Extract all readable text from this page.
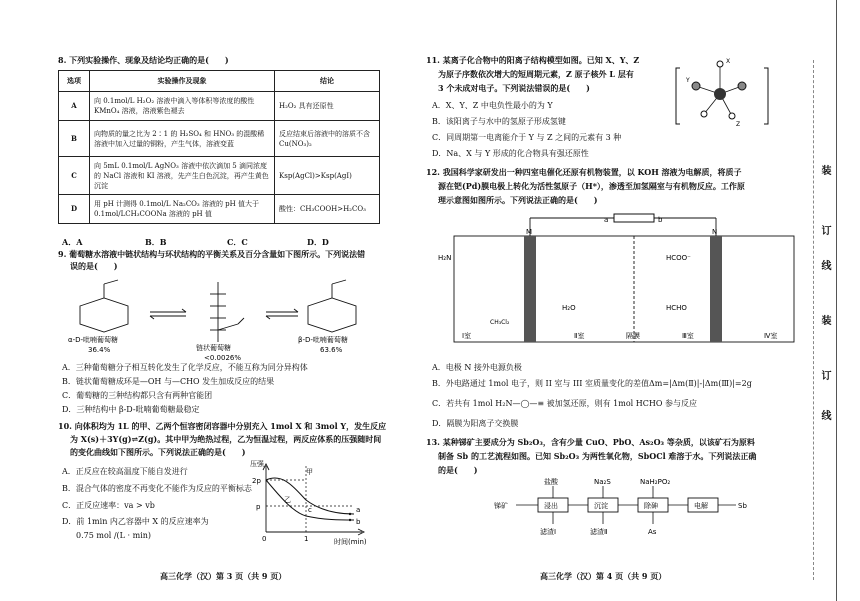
装
订
线
装
订
线
8. 下列实验操作、现象及结论均正确的是(　　)
选项	实验操作及现象	结论
A	向 0.1mol/L H₂O₂ 溶液中滴入等体积等浓度的酸性 KMnO₄ 溶液，溶液紫色褪去	H₂O₂ 具有还原性
B	向物质的量之比为 2∶1 的 H₂SO₄ 和 HNO₃ 的混酸稀溶液中加入过量的铜粉，产生气体，溶液变蓝	反应结束后溶液中的溶质不含 Cu(NO₃)₂
C	向 5mL 0.1mol/L AgNO₃ 溶液中依次滴加 5 滴同浓度的 NaCl 溶液和 KI 溶液，先产生白色沉淀，再产生黄色沉淀	Ksp(AgCl)>Ksp(AgI)
D	用 pH 计测得 0.1mol/L Na₂CO₃ 溶液的 pH 值大于 0.1mol/LCH₃COONa 溶液的 pH 值	酸性：CH₃COOH>H₂CO₃
A．A	B．B	C．C	D．D
9. 葡萄糖水溶液中链状结构与环状结构的平衡关系及百分含量如下图所示。下列说法错
误的是(　　)
α-D-吡喃葡萄糖
36.4%	链状葡萄糖
<0.0026%
β-D-吡喃葡萄糖
63.6%
A．三种葡萄糖分子相互转化发生了化学反应，不能互称为同分异构体
B．链状葡萄糖成环是—OH 与—CHO 发生加成反应的结果
C．葡萄糖的三种结构都只含有两种官能团
D．三种结构中 β-D-吡喃葡萄糖最稳定
10. 向体积均为 1L 的甲、乙两个恒容密闭容器中分别充入 1mol X 和 3mol Y，发生反应
为 X(s)＋3Y(g)⇌Z(g)。其中甲为绝热过程，乙为恒温过程，两反应体系的压强随时间
的变化曲线如下图所示。下列说法正确的是(　　)
A．正反应在较高温度下能自发进行
B．混合气体的密度不再变化不能作为反应的平衡标志
C．正反应速率：va > vb
D．前 1min 内乙容器中 X 的反应速率为
0.75 mol /(L · min)
压强
时间(min)
甲
乙
a
b
c
2p
p
0	1
高三化学（汉）第 3 页（共 9 页）
11. 某离子化合物中的阳离子结构模型如图。已知 X、Y、Z
为原子序数依次增大的短周期元素，Z 原子核外 L 层有
3 个未成对电子。下列说法错误的是(　　)
A．X、Y、Z 中电负性最小的为 Y
B．该阳离子与水中的氢原子形成氢键
C．同周期第一电离能介于 Y 与 Z 之间的元素有 3 种
D．Na、X 与 Y 形成的化合物具有强还原性
X
Y
Z
12. 我国科学家研发出一种四室电催化还原有机物装置，以 KOH 溶液为电解质，将质子
源在钯(Pd)膜电极上转化为活性氢原子（H*），渗透至加氢隔室与有机物反应。工作原
理示意图如图所示。下列说法正确的是(　　)
M	N
a	b
H₂N
H₂O	HCHO
HCOO⁻
CH₃Cl₂
Ⅰ室	Ⅱ室	隔膜	Ⅲ室	Ⅳ室
A．电极 N 接外电源负极
B．外电路通过 1mol 电子，则 II 室与 III 室质量变化的差值Δm=|Δm(Ⅱ)|-|Δm(Ⅲ)|=2g
C．若共有 1mol H₂N—◯—≡ 被加氢还原，则有 1mol HCHO 参与反应
D．隔膜为阳离子交换膜
13. 某种锑矿主要成分为 Sb₂O₃，含有少量 CuO、PbO、As₂O₃ 等杂质，以该矿石为原料
制备 Sb 的工艺流程如图。已知 Sb₂O₃ 为两性氧化物，SbOCl 难溶于水。下列说法正确
的是(　　)
锑矿	浸出	沉淀	除砷	电解	Sb
盐酸	Na₂S	NaH₂PO₂
滤渣Ⅰ	滤渣Ⅱ	As
高三化学（汉）第 4 页（共 9 页）
